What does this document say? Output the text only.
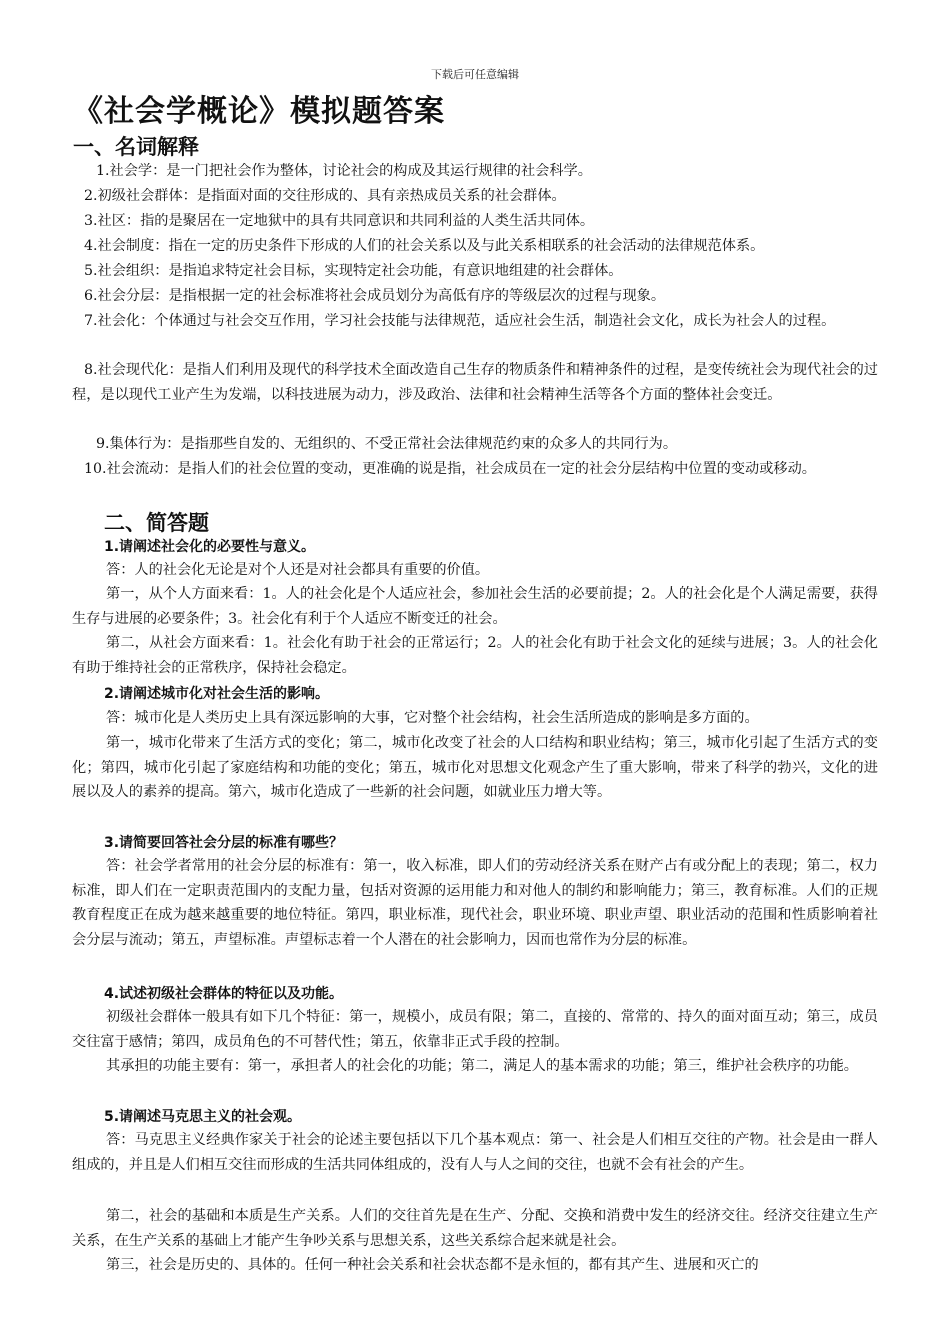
下载后可任意编辑
《社会学概论》模拟题答案
一、名词解释
1.社会学：是一门把社会作为整体，讨论社会的构成及其运行规律的社会科学。
2.初级社会群体：是指面对面的交往形成的、具有亲热成员关系的社会群体。
3.社区：指的是聚居在一定地狱中的具有共同意识和共同利益的人类生活共同体。
4.社会制度：指在一定的历史条件下形成的人们的社会关系以及与此关系相联系的社会活动的法律规范体系。
5.社会组织：是指追求特定社会目标，实现特定社会功能，有意识地组建的社会群体。
6.社会分层：是指根据一定的社会标准将社会成员划分为高低有序的等级层次的过程与现象。
7.社会化：个体通过与社会交互作用，学习社会技能与法律规范，适应社会生活，制造社会文化，成长为社会人的过程。
8.社会现代化：是指人们利用及现代的科学技术全面改造自己生存的物质条件和精神条件的过程，是变传统社会为现代社会的过程，是以现代工业产生为发端，以科技进展为动力，涉及政治、法律和社会精神生活等各个方面的整体社会变迁。
9.集体行为：是指那些自发的、无组织的、不受正常社会法律规范约束的众多人的共同行为。
10.社会流动：是指人们的社会位置的变动，更准确的说是指，社会成员在一定的社会分层结构中位置的变动或移动。
二、简答题
1.请阐述社会化的必要性与意义。
答：人的社会化无论是对个人还是对社会都具有重要的价值。
第一，从个人方面来看：1。人的社会化是个人适应社会，参加社会生活的必要前提；2。人的社会化是个人满足需要，获得生存与进展的必要条件；3。社会化有利于个人适应不断变迁的社会。
第二，从社会方面来看：1。社会化有助于社会的正常运行；2。人的社会化有助于社会文化的延续与进展；3。人的社会化有助于维持社会的正常秩序，保持社会稳定。
2.请阐述城市化对社会生活的影响。
答：城市化是人类历史上具有深远影响的大事，它对整个社会结构，社会生活所造成的影响是多方面的。
第一，城市化带来了生活方式的变化；第二，城市化改变了社会的人口结构和职业结构；第三，城市化引起了生活方式的变化；第四，城市化引起了家庭结构和功能的变化；第五，城市化对思想文化观念产生了重大影响，带来了科学的勃兴，文化的进展以及人的素养的提高。第六，城市化造成了一些新的社会问题，如就业压力增大等。
3.请简要回答社会分层的标准有哪些？
答：社会学者常用的社会分层的标准有：第一，收入标准，即人们的劳动经济关系在财产占有或分配上的表现；第二，权力标准，即人们在一定职责范围内的支配力量，包括对资源的运用能力和对他人的制约和影响能力；第三，教育标准。人们的正规教育程度正在成为越来越重要的地位特征。第四，职业标准，现代社会，职业环境、职业声望、职业活动的范围和性质影响着社会分层与流动；第五，声望标准。声望标志着一个人潜在的社会影响力，因而也常作为分层的标准。
4.试述初级社会群体的特征以及功能。
初级社会群体一般具有如下几个特征：第一，规模小，成员有限；第二，直接的、常常的、持久的面对面互动；第三，成员交往富于感情；第四，成员角色的不可替代性；第五，依靠非正式手段的控制。
其承担的功能主要有：第一，承担者人的社会化的功能；第二，满足人的基本需求的功能；第三，维护社会秩序的功能。
5.请阐述马克思主义的社会观。
答：马克思主义经典作家关于社会的论述主要包括以下几个基本观点：第一、社会是人们相互交往的产物。社会是由一群人组成的，并且是人们相互交往而形成的生活共同体组成的，没有人与人之间的交往，也就不会有社会的产生。
第二，社会的基础和本质是生产关系。人们的交往首先是在生产、分配、交换和消费中发生的经济交往。经济交往建立生产关系，在生产关系的基础上才能产生争吵关系与思想关系，这些关系综合起来就是社会。
第三，社会是历史的、具体的。任何一种社会关系和社会状态都不是永恒的，都有其产生、进展和灭亡的
